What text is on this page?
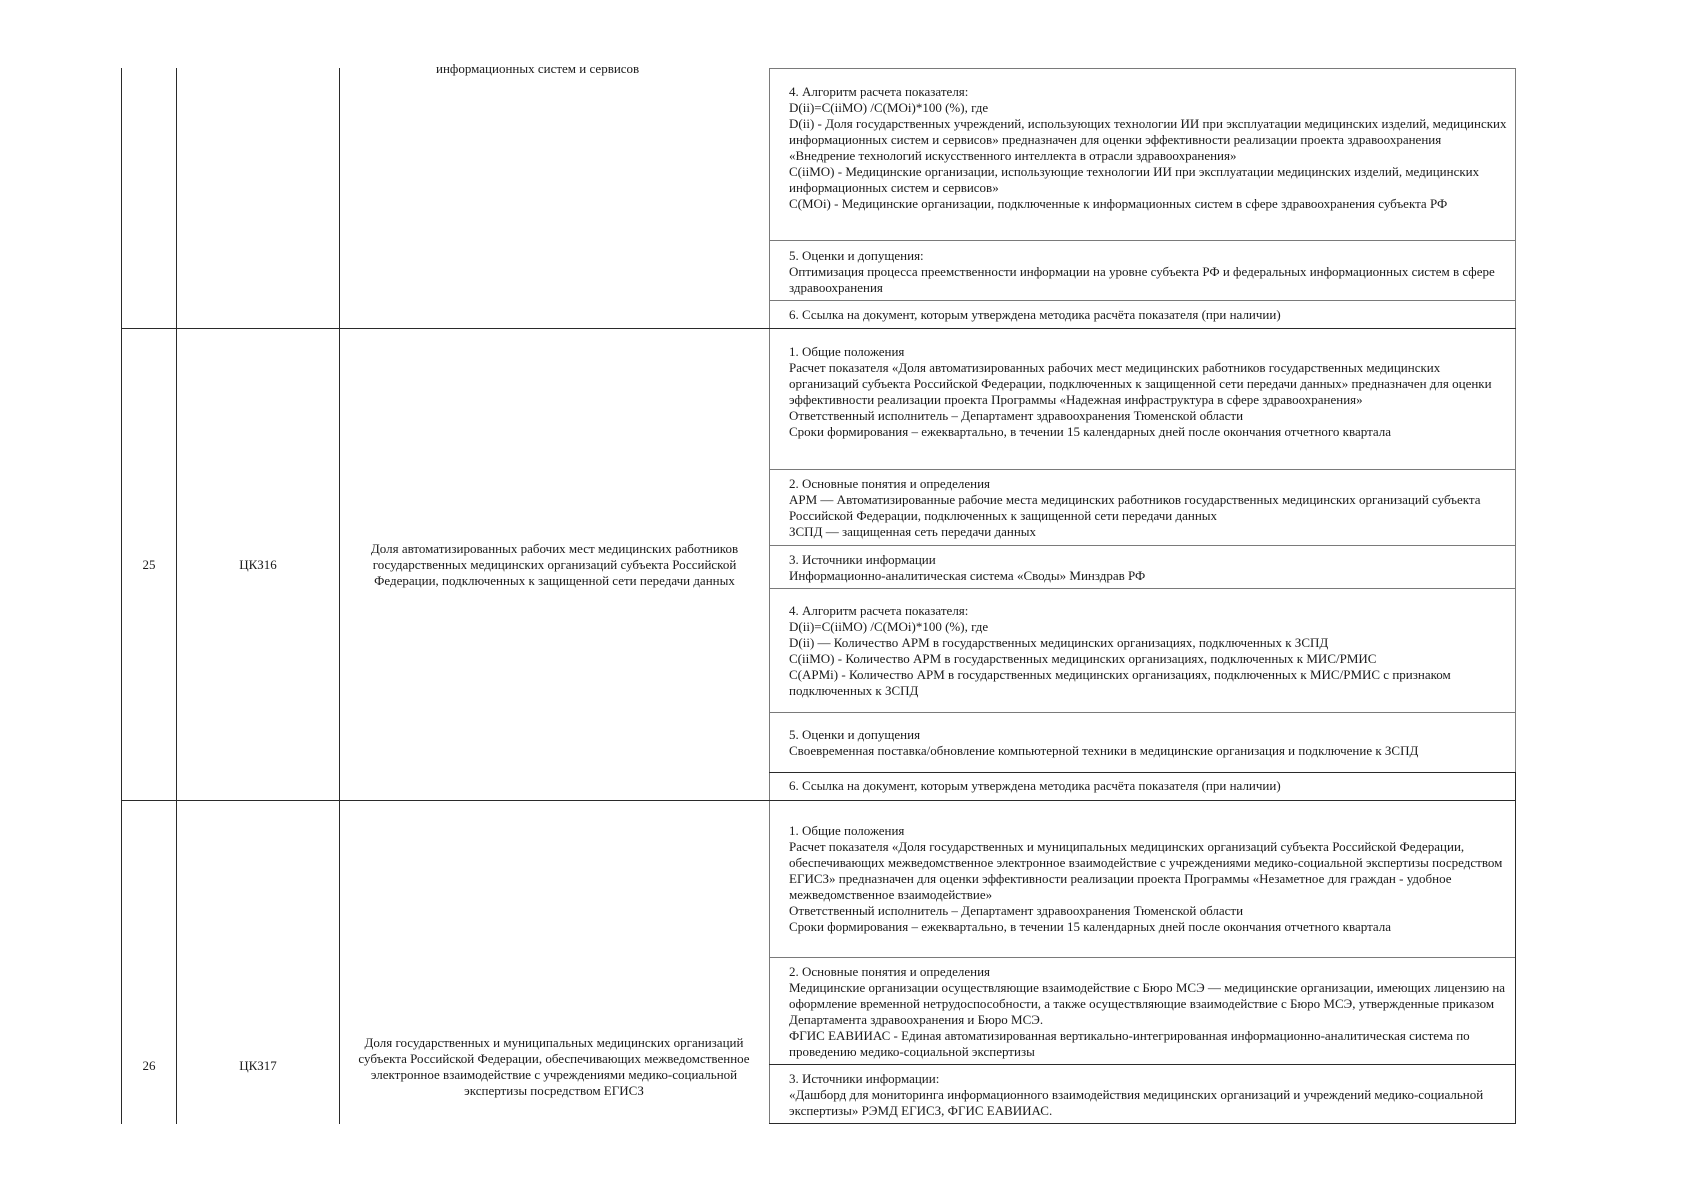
информационных систем и сервисов
4. Алгоритм расчета показателя:
D(ii)=C(iiMO) /C(MOi)*100 (%), где
D(ii) - Доля государственных учреждений, использующих технологии ИИ при эксплуатации медицинских изделий, медицинских информационных систем и сервисов» предназначен для оценки эффективности реализации проекта здравоохранения «Внедрение технологий искусственного интеллекта в отрасли здравоохранения»
C(iiMO) - Медицинские организации, использующие технологии ИИ при эксплуатации медицинских изделий, медицинских информационных систем и сервисов»
C(MOi) - Медицинские организации, подключенные к информационных систем в сфере здравоохранения субъекта РФ
5. Оценки и допущения:
Оптимизация процесса преемственности информации на уровне субъекта РФ и федеральных информационных систем в сфере здравоохранения
6. Ссылка на документ, которым утверждена методика расчёта показателя (при наличии)
25	ЦКЗ16
Доля автоматизированных рабочих мест медицинских работников государственных медицинских организаций субъекта Российской Федерации, подключенных к защищенной сети передачи данных
1. Общие положения
Расчет показателя «Доля автоматизированных рабочих мест медицинских работников государственных медицинских организаций субъекта Российской Федерации, подключенных к защищенной сети передачи данных» предназначен для оценки эффективности реализации проекта Программы «Надежная инфраструктура в сфере здравоохранения»
Ответственный исполнитель – Департамент здравоохранения Тюменской области
Сроки формирования – ежеквартально, в течении 15 календарных дней после окончания отчетного квартала
2. Основные понятия и определения
АРМ — Автоматизированные рабочие места медицинских работников государственных медицинских организаций субъекта Российской Федерации, подключенных к защищенной сети передачи данных
ЗСПД — защищенная сеть передачи данных
3. Источники информации
Информационно-аналитическая система «Своды» Минздрав РФ
4. Алгоритм расчета показателя:
D(ii)=C(iiMO) /C(MOi)*100 (%), где
D(ii) — Количество АРМ в государственных медицинских организациях, подключенных к ЗСПД
C(iiMO) - Количество АРМ в государственных медицинских организациях, подключенных к МИС/РМИС
C(APMi) - Количество АРМ в государственных медицинских организациях, подключенных к МИС/РМИС с признаком подключенных к ЗСПД
5. Оценки и допущения
Своевременная поставка/обновление компьютерной техники в медицинские организация и подключение к ЗСПД
6. Ссылка на документ, которым утверждена методика расчёта показателя (при наличии)
26	ЦКЗ17
Доля государственных и муниципальных медицинских организаций субъекта Российской Федерации, обеспечивающих межведомственное электронное взаимодействие с учреждениями медико-социальной экспертизы посредством ЕГИСЗ
1. Общие положения
Расчет показателя «Доля государственных и муниципальных медицинских организаций субъекта Российской Федерации, обеспечивающих межведомственное электронное взаимодействие с учреждениями медико-социальной экспертизы посредством ЕГИСЗ» предназначен для оценки эффективности реализации проекта Программы «Незаметное для граждан - удобное межведомственное взаимодействие»
Ответственный исполнитель – Департамент здравоохранения Тюменской области
Сроки формирования – ежеквартально, в течении 15 календарных дней после окончания отчетного квартала
2. Основные понятия и определения
Медицинские организации осуществляющие взаимодействие с Бюро МСЭ — медицинские организации, имеющих лицензию на оформление временной нетрудоспособности, а также осуществляющие взаимодействие с Бюро МСЭ, утвержденные приказом Департамента здравоохранения и Бюро МСЭ.
ФГИС ЕАВИИАС - Единая автоматизированная вертикально-интегрированная информационно-аналитическая система по проведению медико-социальной экспертизы
3. Источники информации:
«Дашборд для мониторинга информационного взаимодействия медицинских организаций и учреждений медико-социальной экспертизы» РЭМД ЕГИСЗ, ФГИС ЕАВИИАС.
